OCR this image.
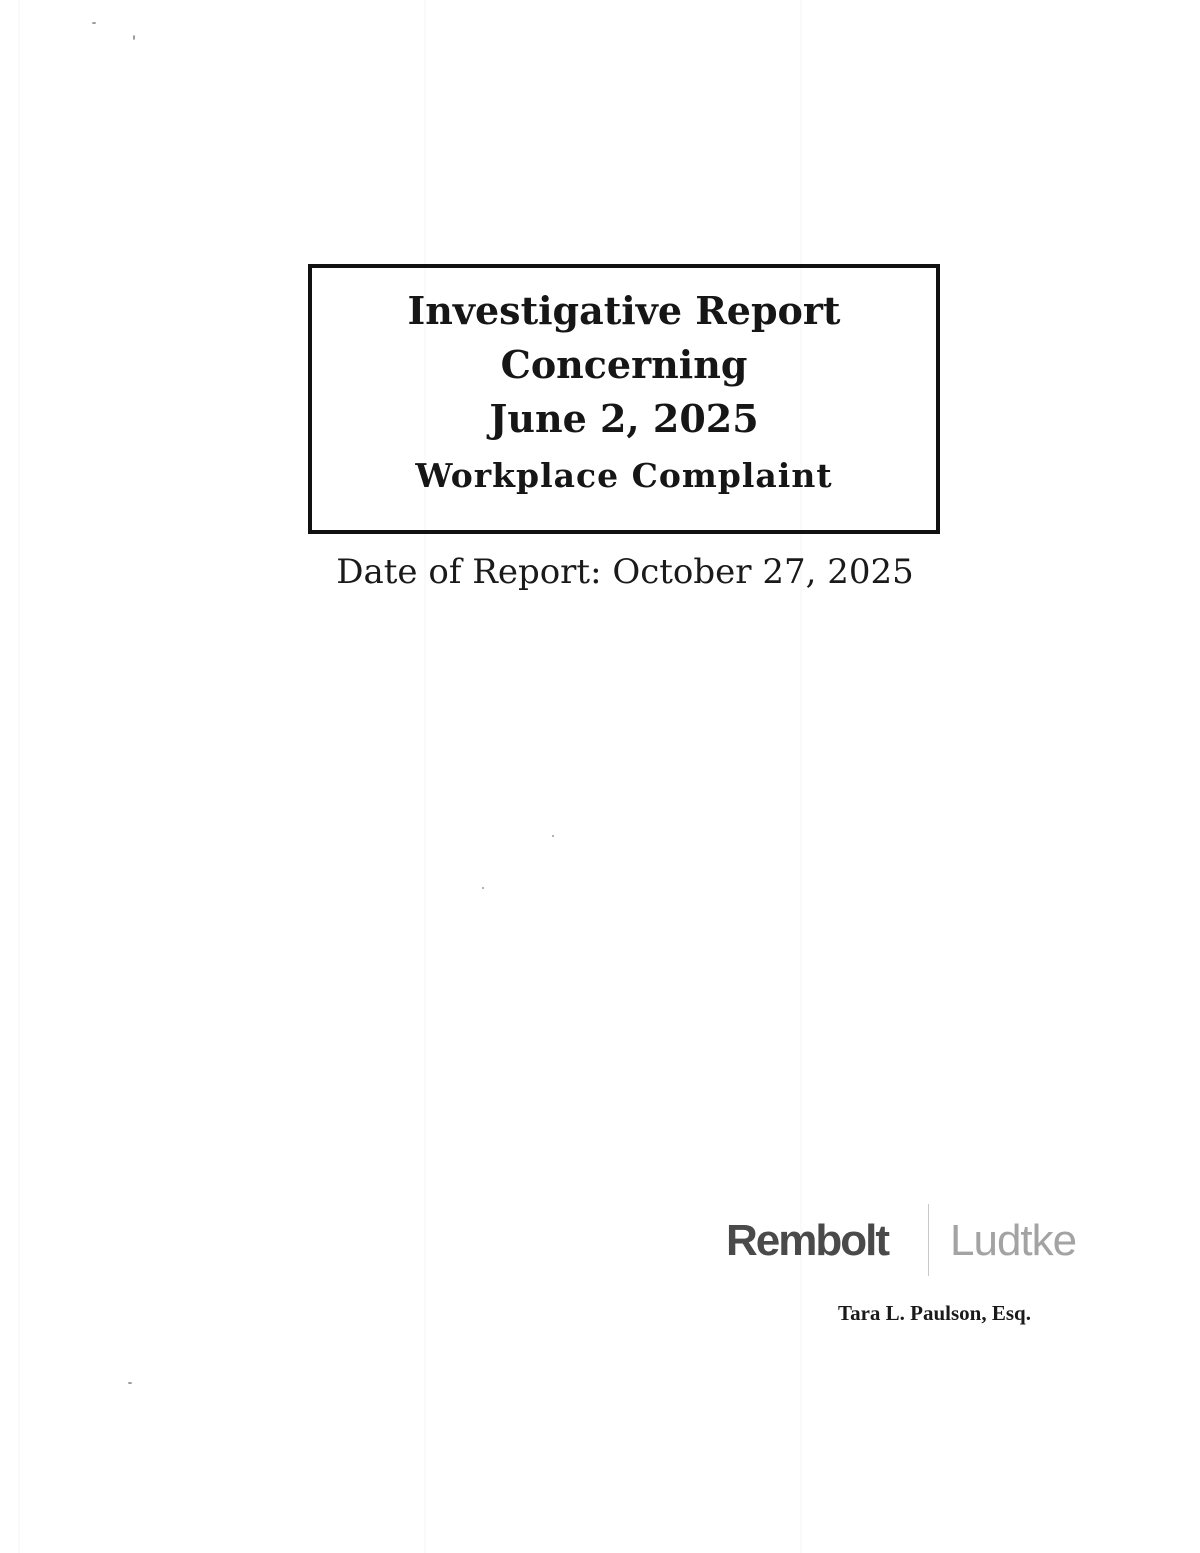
Investigative Report
Concerning
June 2, 2025
Workplace Complaint
Date of Report: October 27, 2025
Rembolt Ludtke
Tara L. Paulson, Esq.
